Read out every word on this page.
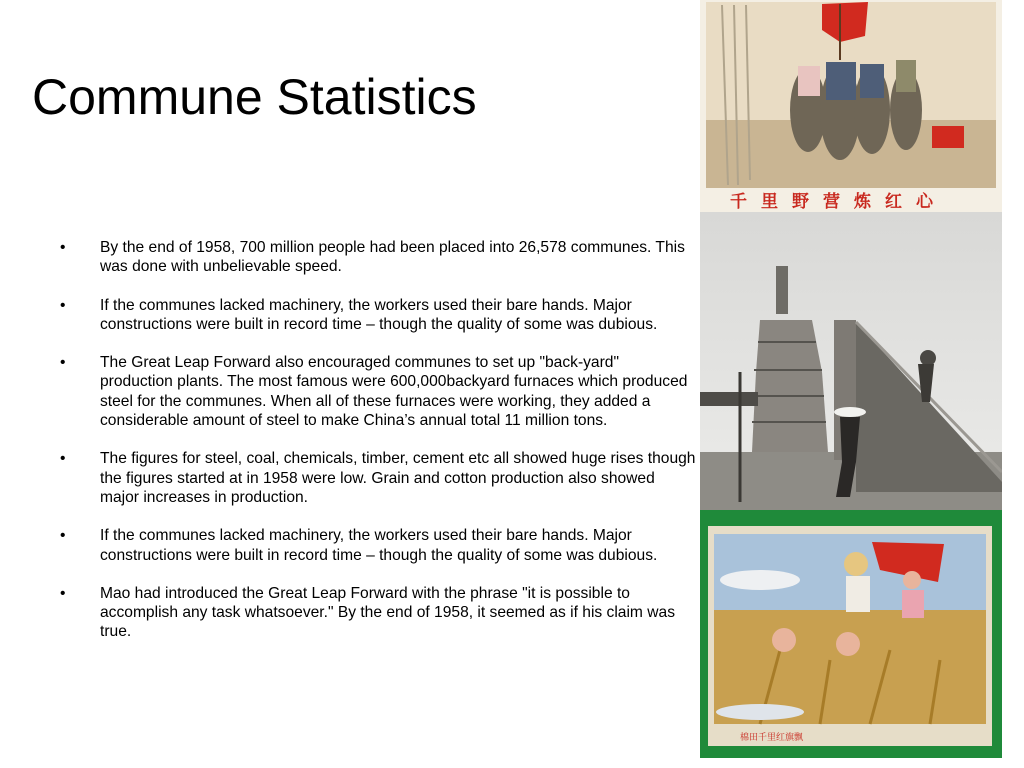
Commune Statistics
• By the end of 1958, 700 million people had been placed into 26,578 communes. This was done with unbelievable speed.
• If the communes lacked machinery, the workers used their bare hands. Major constructions were built in record time – though the quality of some was dubious.
• The Great Leap Forward also encouraged communes to set up "back-yard" production plants. The most famous were 600,000backyard furnaces which produced steel for the communes. When all of these furnaces were working, they added a considerable amount of steel to make China’s annual total 11 million tons.
• The figures for steel, coal, chemicals, timber, cement etc all showed huge rises though the figures started at in 1958 were low. Grain and cotton production also showed major increases in production.
• If the communes lacked machinery, the workers used their bare hands. Major constructions were built in record time – though the quality of some was dubious.
• Mao had introduced the Great Leap Forward with the phrase "it is possible to accomplish any task whatsoever." By the end of 1958, it seemed as if his claim was true.
千里野营炼红心
棉田千里红旗飘
